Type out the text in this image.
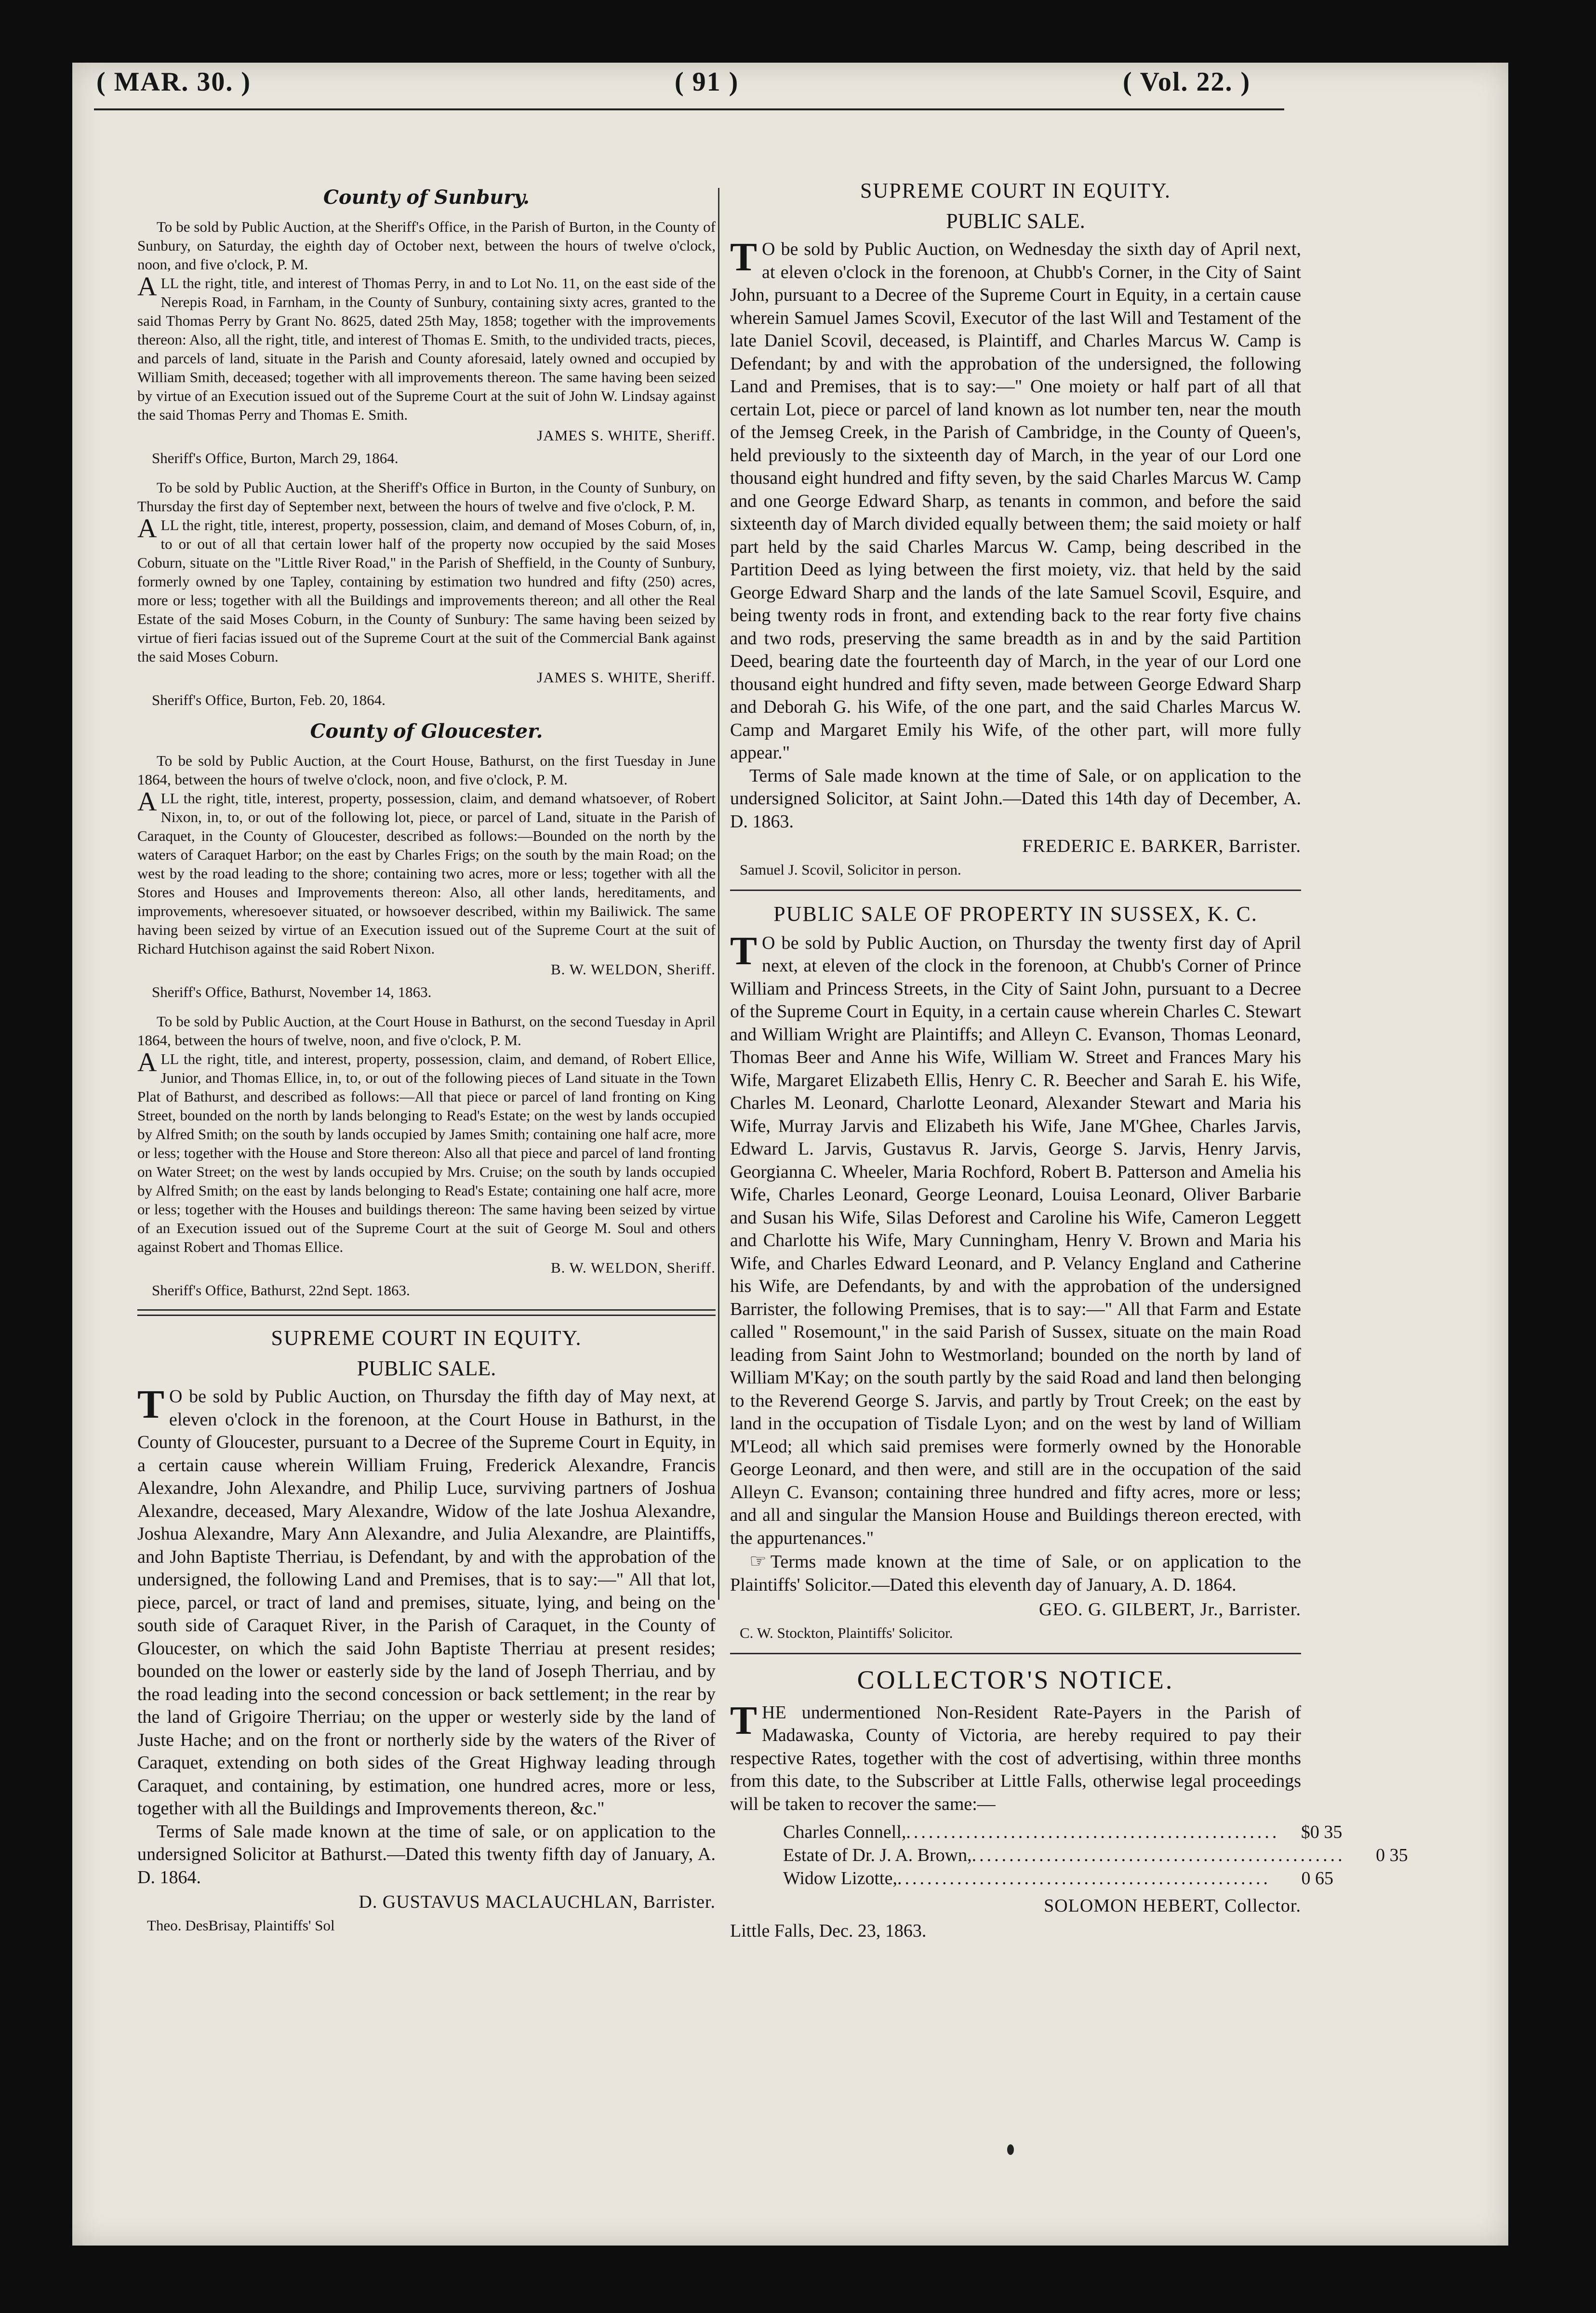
( MAR. 30. )	( 91 )	( Vol. 22. )
County of Sunbury.

To be sold by Public Auction, at the Sheriff's Office, in the Parish of Burton, in the County of Sunbury, on Saturday, the eighth day of October next, between the hours of twelve o'clock, noon, and five o'clock, P. M.

ALL the right, title, and interest of Thomas Perry, in and to Lot No. 11, on the east side of the Nerepis Road, in Farnham, in the County of Sunbury, containing sixty acres, granted to the said Thomas Perry by Grant No. 8625, dated 25th May, 1858; together with the improvements thereon: Also, all the right, title, and interest of Thomas E. Smith, to the undivided tracts, pieces, and parcels of land, situate in the Parish and County aforesaid, lately owned and occupied by William Smith, deceased; together with all improvements thereon. The same having been seized by virtue of an Execution issued out of the Supreme Court at the suit of John W. Lindsay against the said Thomas Perry and Thomas E. Smith.

JAMES S. WHITE, Sheriff.

Sheriff's Office, Burton, March 29, 1864.

To be sold by Public Auction, at the Sheriff's Office in Burton, in the County of Sunbury, on Thursday the first day of September next, between the hours of twelve and five o'clock, P. M.

ALL the right, title, interest, property, possession, claim, and demand of Moses Coburn, of, in, to or out of all that certain lower half of the property now occupied by the said Moses Coburn, situate on the "Little River Road," in the Parish of Sheffield, in the County of Sunbury, formerly owned by one Tapley, containing by estimation two hundred and fifty (250) acres, more or less; together with all the Buildings and improvements thereon; and all other the Real Estate of the said Moses Coburn, in the County of Sunbury: The same having been seized by virtue of fieri facias issued out of the Supreme Court at the suit of the Commercial Bank against the said Moses Coburn.

JAMES S. WHITE, Sheriff.

Sheriff's Office, Burton, Feb. 20, 1864.

County of Gloucester.

To be sold by Public Auction, at the Court House, Bathurst, on the first Tuesday in June 1864, between the hours of twelve o'clock, noon, and five o'clock, P. M.

ALL the right, title, interest, property, possession, claim, and demand whatsoever, of Robert Nixon, in, to, or out of the following lot, piece, or parcel of Land, situate in the Parish of Caraquet, in the County of Gloucester, described as follows:—Bounded on the north by the waters of Caraquet Harbor; on the east by Charles Frigs; on the south by the main Road; on the west by the road leading to the shore; containing two acres, more or less; together with all the Stores and Houses and Improvements thereon: Also, all other lands, hereditaments, and improvements, wheresoever situated, or howsoever described, within my Bailiwick. The same having been seized by virtue of an Execution issued out of the Supreme Court at the suit of Richard Hutchison against the said Robert Nixon.

B. W. WELDON, Sheriff.

Sheriff's Office, Bathurst, November 14, 1863.

To be sold by Public Auction, at the Court House in Bathurst, on the second Tuesday in April 1864, between the hours of twelve, noon, and five o'clock, P. M.

ALL the right, title, and interest, property, possession, claim, and demand, of Robert Ellice, Junior, and Thomas Ellice, in, to, or out of the following pieces of Land situate in the Town Plat of Bathurst, and described as follows:—All that piece or parcel of land fronting on King Street, bounded on the north by lands belonging to Read's Estate; on the west by lands occupied by Alfred Smith; on the south by lands occupied by James Smith; containing one half acre, more or less; together with the House and Store thereon: Also all that piece and parcel of land fronting on Water Street; on the west by lands occupied by Mrs. Cruise; on the south by lands occupied by Alfred Smith; on the east by lands belonging to Read's Estate; containing one half acre, more or less; together with the Houses and buildings thereon: The same having been seized by virtue of an Execution issued out of the Supreme Court at the suit of George M. Soul and others against Robert and Thomas Ellice.

B. W. WELDON, Sheriff.

Sheriff's Office, Bathurst, 22nd Sept. 1863.

SUPREME COURT IN EQUITY.
PUBLIC SALE.

T O be sold by Public Auction, on Thursday the fifth day of May next, at eleven o'clock in the forenoon, at the Court House in Bathurst, in the County of Gloucester, pursuant to a Decree of the Supreme Court in Equity, in a certain cause wherein William Fruing, Frederick Alexandre, Francis Alexandre, John Alexandre, and Philip Luce, surviving partners of Joshua Alexandre, deceased, Mary Alexandre, Widow of the late Joshua Alexandre, Joshua Alexandre, Mary Ann Alexandre, and Julia Alexandre, are Plaintiffs, and John Baptiste Therriau, is Defendant, by and with the approbation of the undersigned, the following Land and Premises, that is to say:—" All that lot, piece, parcel, or tract of land and premises, situate, lying, and being on the south side of Caraquet River, in the Parish of Caraquet, in the County of Gloucester, on which the said John Baptiste Therriau at present resides; bounded on the lower or easterly side by the land of Joseph Therriau, and by the road leading into the second concession or back settlement; in the rear by the land of Grigoire Therriau; on the upper or westerly side by the land of Juste Hache; and on the front or northerly side by the waters of the River of Caraquet, extending on both sides of the Great Highway leading through Caraquet, and containing, by estimation, one hundred acres, more or less, together with all the Buildings and Improvements thereon, &c."

Terms of Sale made known at the time of sale, or on application to the undersigned Solicitor at Bathurst.—Dated this twenty fifth day of January, A. D. 1864.

D. GUSTAVUS MACLAUCHLAN, Barrister.

Theo. DesBrisay, Plaintiffs' Sol

SUPREME COURT IN EQUITY.
PUBLIC SALE.

T O be sold by Public Auction, on Wednesday the sixth day of April next, at eleven o'clock in the forenoon, at Chubb's Corner, in the City of Saint John, pursuant to a Decree of the Supreme Court in Equity, in a certain cause wherein Samuel James Scovil, Executor of the last Will and Testament of the late Daniel Scovil, deceased, is Plaintiff, and Charles Marcus W. Camp is Defendant; by and with the approbation of the undersigned, the following Land and Premises, that is to say:—" One moiety or half part of all that certain Lot, piece or parcel of land known as lot number ten, near the mouth of the Jemseg Creek, in the Parish of Cambridge, in the County of Queen's, held previously to the sixteenth day of March, in the year of our Lord one thousand eight hundred and fifty seven, by the said Charles Marcus W. Camp and one George Edward Sharp, as tenants in common, and before the said sixteenth day of March divided equally between them; the said moiety or half part held by the said Charles Marcus W. Camp, being described in the Partition Deed as lying between the first moiety, viz. that held by the said George Edward Sharp and the lands of the late Samuel Scovil, Esquire, and being twenty rods in front, and extending back to the rear forty five chains and two rods, preserving the same breadth as in and by the said Partition Deed, bearing date the fourteenth day of March, in the year of our Lord one thousand eight hundred and fifty seven, made between George Edward Sharp and Deborah G. his Wife, of the one part, and the said Charles Marcus W. Camp and Margaret Emily his Wife, of the other part, will more fully appear."

Terms of Sale made known at the time of Sale, or on application to the undersigned Solicitor, at Saint John.—Dated this 14th day of December, A. D. 1863.

FREDERIC E. BARKER, Barrister.

Samuel J. Scovil, Solicitor in person.

PUBLIC SALE OF PROPERTY IN SUSSEX, K. C.

T O be sold by Public Auction, on Thursday the twenty first day of April next, at eleven of the clock in the forenoon, at Chubb's Corner of Prince William and Princess Streets, in the City of Saint John, pursuant to a Decree of the Supreme Court in Equity, in a certain cause wherein Charles C. Stewart and William Wright are Plaintiffs; and Alleyn C. Evanson, Thomas Leonard, Thomas Beer and Anne his Wife, William W. Street and Frances Mary his Wife, Margaret Elizabeth Ellis, Henry C. R. Beecher and Sarah E. his Wife, Charles M. Leonard, Charlotte Leonard, Alexander Stewart and Maria his Wife, Murray Jarvis and Elizabeth his Wife, Jane M'Ghee, Charles Jarvis, Edward L. Jarvis, Gustavus R. Jarvis, George S. Jarvis, Henry Jarvis, Georgianna C. Wheeler, Maria Rochford, Robert B. Patterson and Amelia his Wife, Charles Leonard, George Leonard, Louisa Leonard, Oliver Barbarie and Susan his Wife, Silas Deforest and Caroline his Wife, Cameron Leggett and Charlotte his Wife, Mary Cunningham, Henry V. Brown and Maria his Wife, and Charles Edward Leonard, and P. Velancy England and Catherine his Wife, are Defendants, by and with the approbation of the undersigned Barrister, the following Premises, that is to say:—" All that Farm and Estate called " Rosemount," in the said Parish of Sussex, situate on the main Road leading from Saint John to Westmorland; bounded on the north by land of William M'Kay; on the south partly by the said Road and land then belonging to the Reverend George S. Jarvis, and partly by Trout Creek; on the east by land in the occupation of Tisdale Lyon; and on the west by land of William M'Leod; all which said premises were formerly owned by the Honorable George Leonard, and then were, and still are in the occupation of the said Alleyn C. Evanson; containing three hundred and fifty acres, more or less; and all and singular the Mansion House and Buildings thereon erected, with the appurtenances."

☞ Terms made known at the time of Sale, or on application to the Plaintiffs' Solicitor.—Dated this eleventh day of January, A. D. 1864.

GEO. G. GILBERT, Jr., Barrister.

C. W. Stockton, Plaintiffs' Solicitor.

COLLECTOR'S NOTICE.

THE undermentioned Non-Resident Rate-Payers in the Parish of Madawaska, County of Victoria, are hereby required to pay their respective Rates, together with the cost of advertising, within three months from this date, to the Subscriber at Little Falls, otherwise legal proceedings will be taken to recover the same:—

Charles Connell, ..................................................	$0 35
Estate of Dr. J. A. Brown, ..................................................	0 35
Widow Lizotte, ..................................................	0 65

SOLOMON HEBERT, Collector.

Little Falls, Dec. 23, 1863.
